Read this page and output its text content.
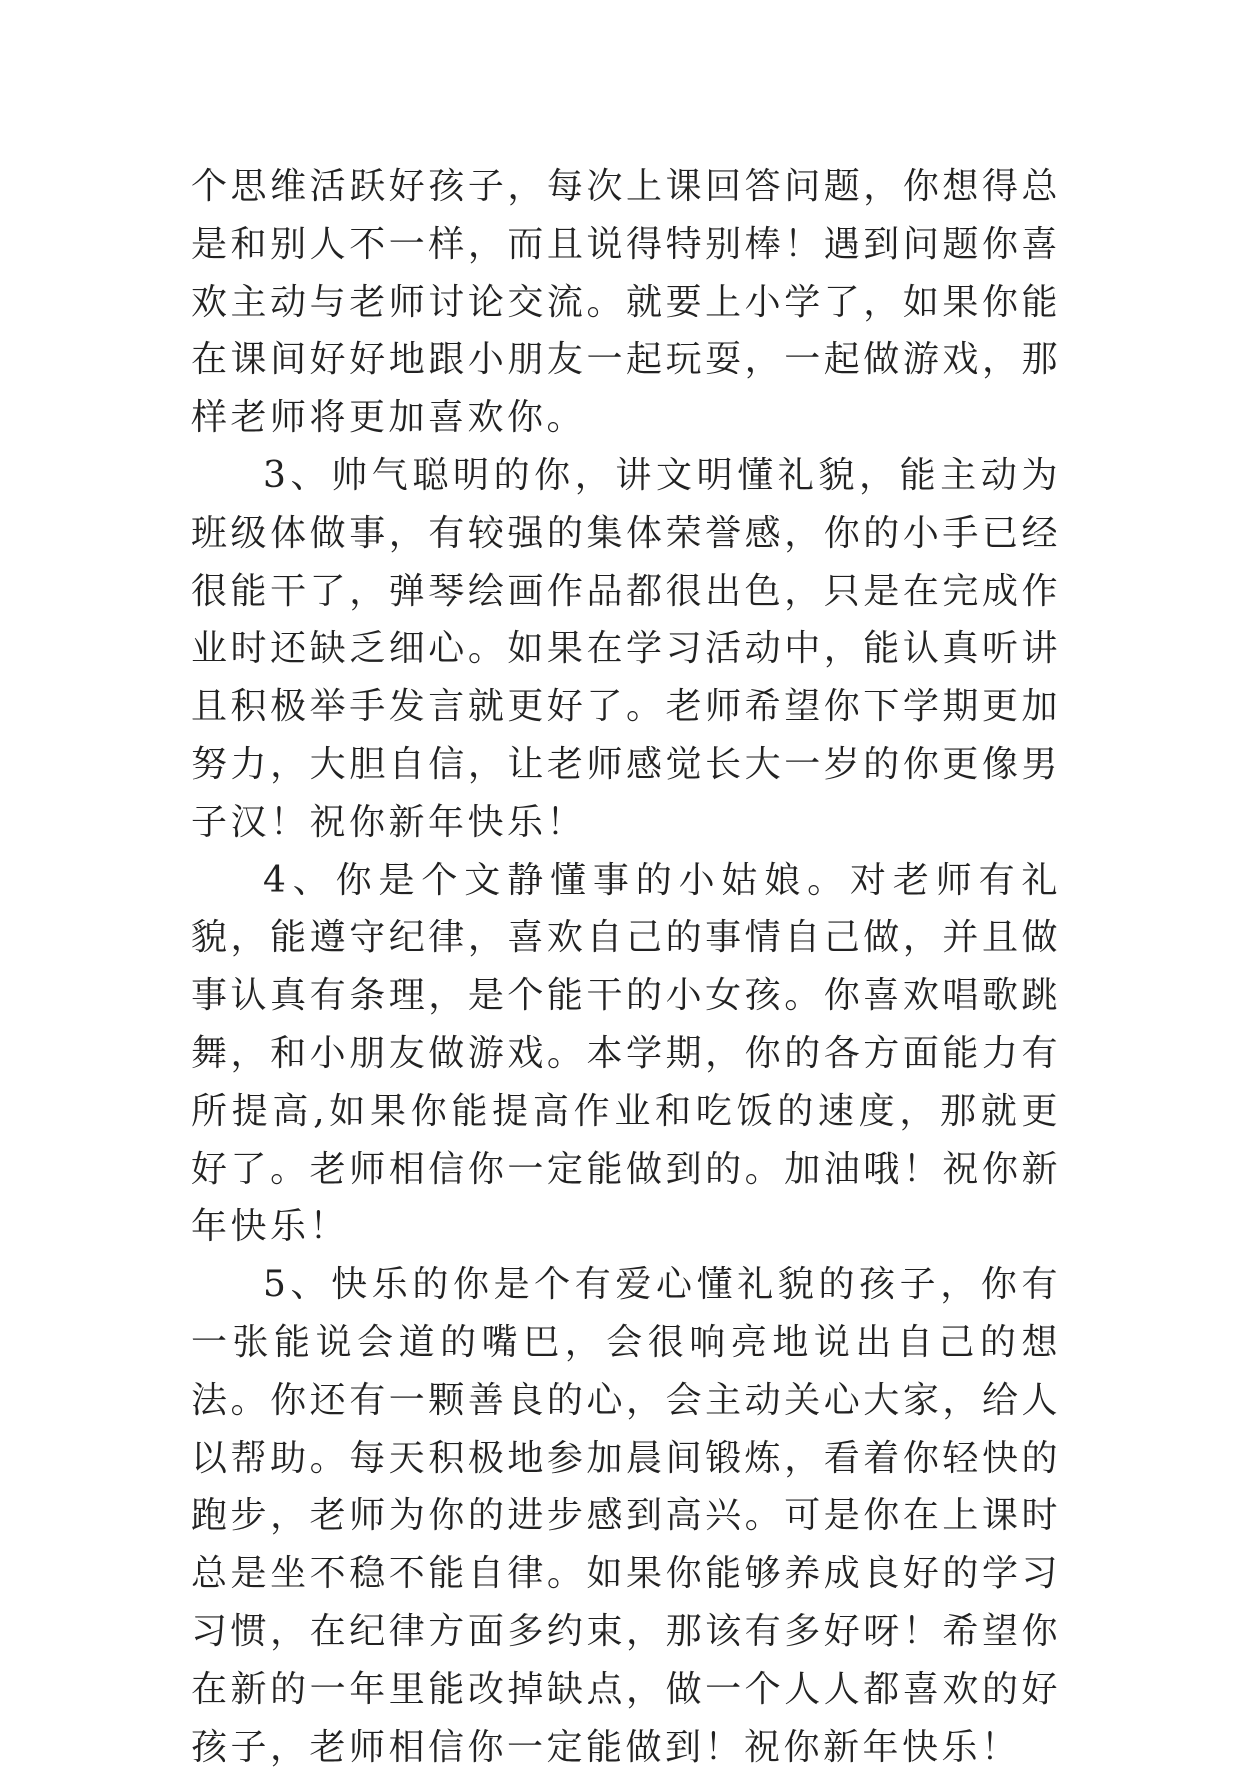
个思维活跃好孩子，每次上课回答问题，你想得总是和别人不一样，而且说得特别棒！遇到问题你喜欢主动与老师讨论交流。就要上小学了，如果你能在课间好好地跟小朋友一起玩耍，一起做游戏，那样老师将更加喜欢你。

3、帅气聪明的你，讲文明懂礼貌，能主动为班级体做事，有较强的集体荣誉感，你的小手已经很能干了，弹琴绘画作品都很出色，只是在完成作业时还缺乏细心。如果在学习活动中，能认真听讲且积极举手发言就更好了。老师希望你下学期更加努力，大胆自信，让老师感觉长大一岁的你更像男子汉！祝你新年快乐！

4、你是个文静懂事的小姑娘。对老师有礼貌，能遵守纪律，喜欢自己的事情自己做，并且做事认真有条理，是个能干的小女孩。你喜欢唱歌跳舞，和小朋友做游戏。本学期，你的各方面能力有所提高,如果你能提高作业和吃饭的速度，那就更好了。老师相信你一定能做到的。加油哦！祝你新年快乐！

5、快乐的你是个有爱心懂礼貌的孩子，你有一张能说会道的嘴巴，会很响亮地说出自己的想法。你还有一颗善良的心，会主动关心大家，给人以帮助。每天积极地参加晨间锻炼，看着你轻快的跑步，老师为你的进步感到高兴。可是你在上课时总是坐不稳不能自律。如果你能够养成良好的学习习惯，在纪律方面多约束，那该有多好呀！希望你在新的一年里能改掉缺点，做一个人人都喜欢的好孩子，老师相信你一定能做到！祝你新年快乐！
